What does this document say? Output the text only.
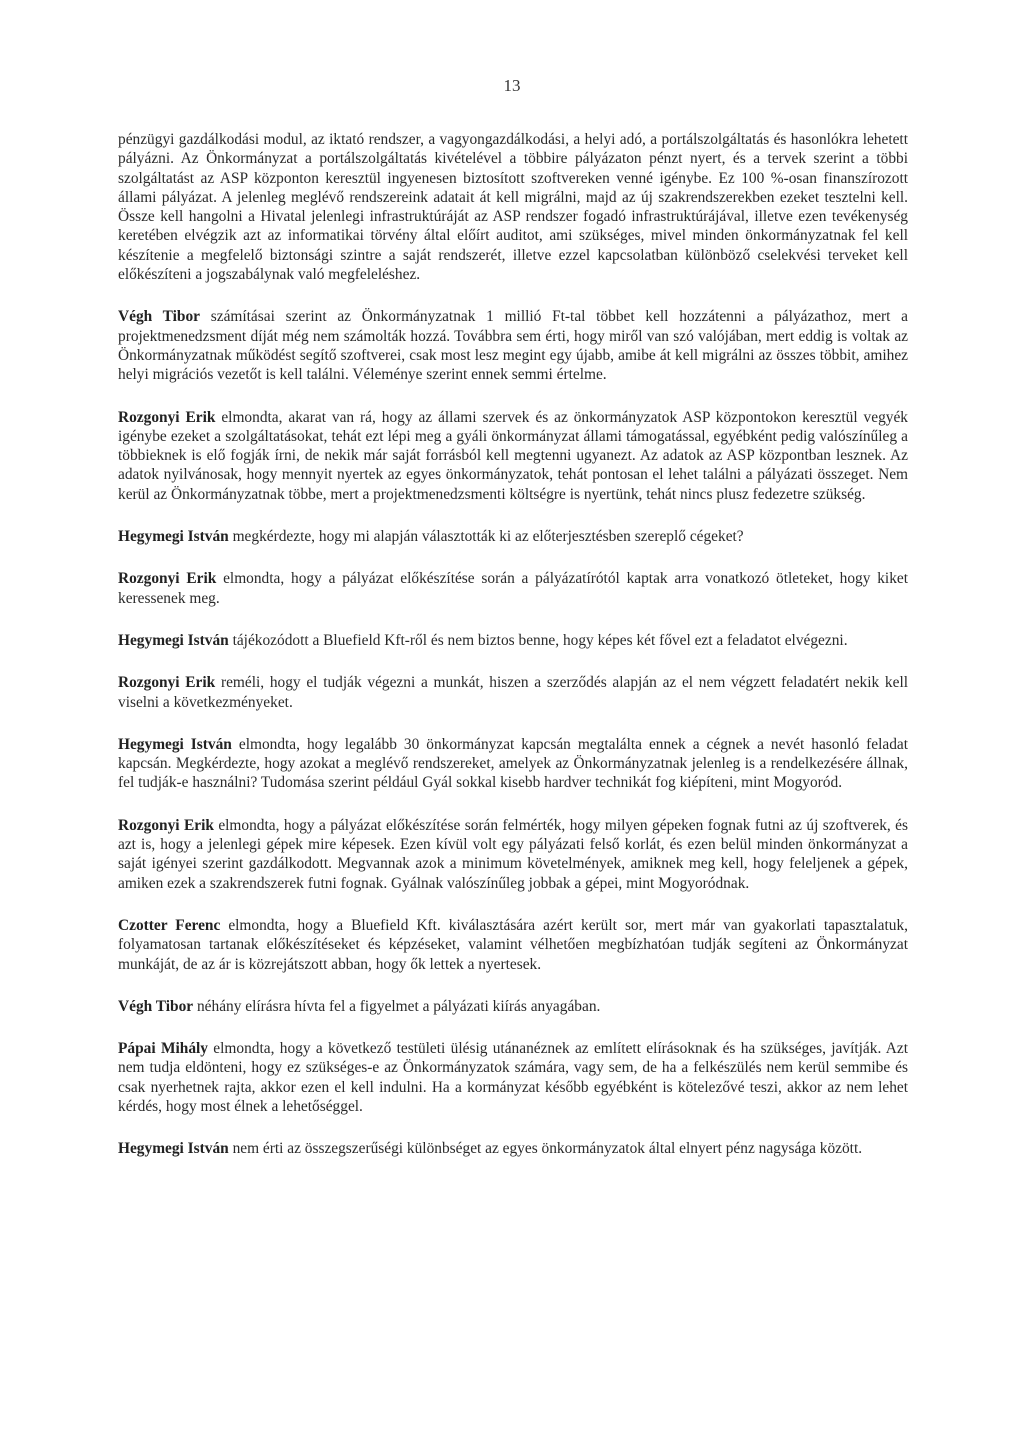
13

pénzügyi gazdálkodási modul, az iktató rendszer, a vagyongazdálkodási, a helyi adó, a portálszolgáltatás és hasonlókra lehetett pályázni. Az Önkormányzat a portálszolgáltatás kivételével a többire pályázaton pénzt nyert, és a tervek szerint a többi szolgáltatást az ASP központon keresztül ingyenesen biztosított szoftvereken venné igénybe. Ez 100 %-osan finanszírozott állami pályázat. A jelenleg meglévő rendszereink adatait át kell migrálni, majd az új szakrendszerekben ezeket tesztelni kell. Össze kell hangolni a Hivatal jelenlegi infrastruktúráját az ASP rendszer fogadó infrastruktúrájával, illetve ezen tevékenység keretében elvégzik azt az informatikai törvény által előírt auditot, ami szükséges, mivel minden önkormányzatnak fel kell készítenie a megfelelő biztonsági szintre a saját rendszerét, illetve ezzel kapcsolatban különböző cselekvési terveket kell előkészíteni a jogszabálynak való megfeleléshez.

Végh Tibor számításai szerint az Önkormányzatnak 1 millió Ft-tal többet kell hozzátenni a pályázathoz, mert a projektmenedzsment díját még nem számolták hozzá. Továbbra sem érti, hogy miről van szó valójában, mert eddig is voltak az Önkormányzatnak működést segítő szoftverei, csak most lesz megint egy újabb, amibe át kell migrálni az összes többit, amihez helyi migrációs vezetőt is kell találni. Véleménye szerint ennek semmi értelme.

Rozgonyi Erik elmondta, akarat van rá, hogy az állami szervek és az önkormányzatok ASP központokon keresztül vegyék igénybe ezeket a szolgáltatásokat, tehát ezt lépi meg a gyáli önkormányzat állami támogatással, egyébként pedig valószínűleg a többieknek is elő fogják írni, de nekik már saját forrásból kell megtenni ugyanezt. Az adatok az ASP központban lesznek. Az adatok nyilvánosak, hogy mennyit nyertek az egyes önkormányzatok, tehát pontosan el lehet találni a pályázati összeget. Nem kerül az Önkormányzatnak többe, mert a projektmenedzsmenti költségre is nyertünk, tehát nincs plusz fedezetre szükség.

Hegymegi István megkérdezte, hogy mi alapján választották ki az előterjesztésben szereplő cégeket?

Rozgonyi Erik elmondta, hogy a pályázat előkészítése során a pályázatírótól kaptak arra vonatkozó ötleteket, hogy kiket keressenek meg.

Hegymegi István tájékozódott a Bluefield Kft-ről és nem biztos benne, hogy képes két fővel ezt a feladatot elvégezni.

Rozgonyi Erik reméli, hogy el tudják végezni a munkát, hiszen a szerződés alapján az el nem végzett feladatért nekik kell viselni a következményeket.

Hegymegi István elmondta, hogy legalább 30 önkormányzat kapcsán megtalálta ennek a cégnek a nevét hasonló feladat kapcsán. Megkérdezte, hogy azokat a meglévő rendszereket, amelyek az Önkormányzatnak jelenleg is a rendelkezésére állnak, fel tudják-e használni? Tudomása szerint például Gyál sokkal kisebb hardver technikát fog kiépíteni, mint Mogyoród.

Rozgonyi Erik elmondta, hogy a pályázat előkészítése során felmérték, hogy milyen gépeken fognak futni az új szoftverek, és azt is, hogy a jelenlegi gépek mire képesek. Ezen kívül volt egy pályázati felső korlát, és ezen belül minden önkormányzat a saját igényei szerint gazdálkodott. Megvannak azok a minimum követelmények, amiknek meg kell, hogy feleljenek a gépek, amiken ezek a szakrendszerek futni fognak. Gyálnak valószínűleg jobbak a gépei, mint Mogyoródnak.

Czotter Ferenc elmondta, hogy a Bluefield Kft. kiválasztására azért került sor, mert már van gyakorlati tapasztalatuk, folyamatosan tartanak előkészítéseket és képzéseket, valamint vélhetően megbízhatóan tudják segíteni az Önkormányzat munkáját, de az ár is közrejátszott abban, hogy ők lettek a nyertesek.

Végh Tibor néhány elírásra hívta fel a figyelmet a pályázati kiírás anyagában.

Pápai Mihály elmondta, hogy a következő testületi ülésig utánanéznek az említett elírásoknak és ha szükséges, javítják. Azt nem tudja eldönteni, hogy ez szükséges-e az Önkormányzatok számára, vagy sem, de ha a felkészülés nem kerül semmibe és csak nyerhetnek rajta, akkor ezen el kell indulni. Ha a kormányzat később egyébként is kötelezővé teszi, akkor az nem lehet kérdés, hogy most élnek a lehetőséggel.

Hegymegi István nem érti az összegszerűségi különbséget az egyes önkormányzatok által elnyert pénz nagysága között.
